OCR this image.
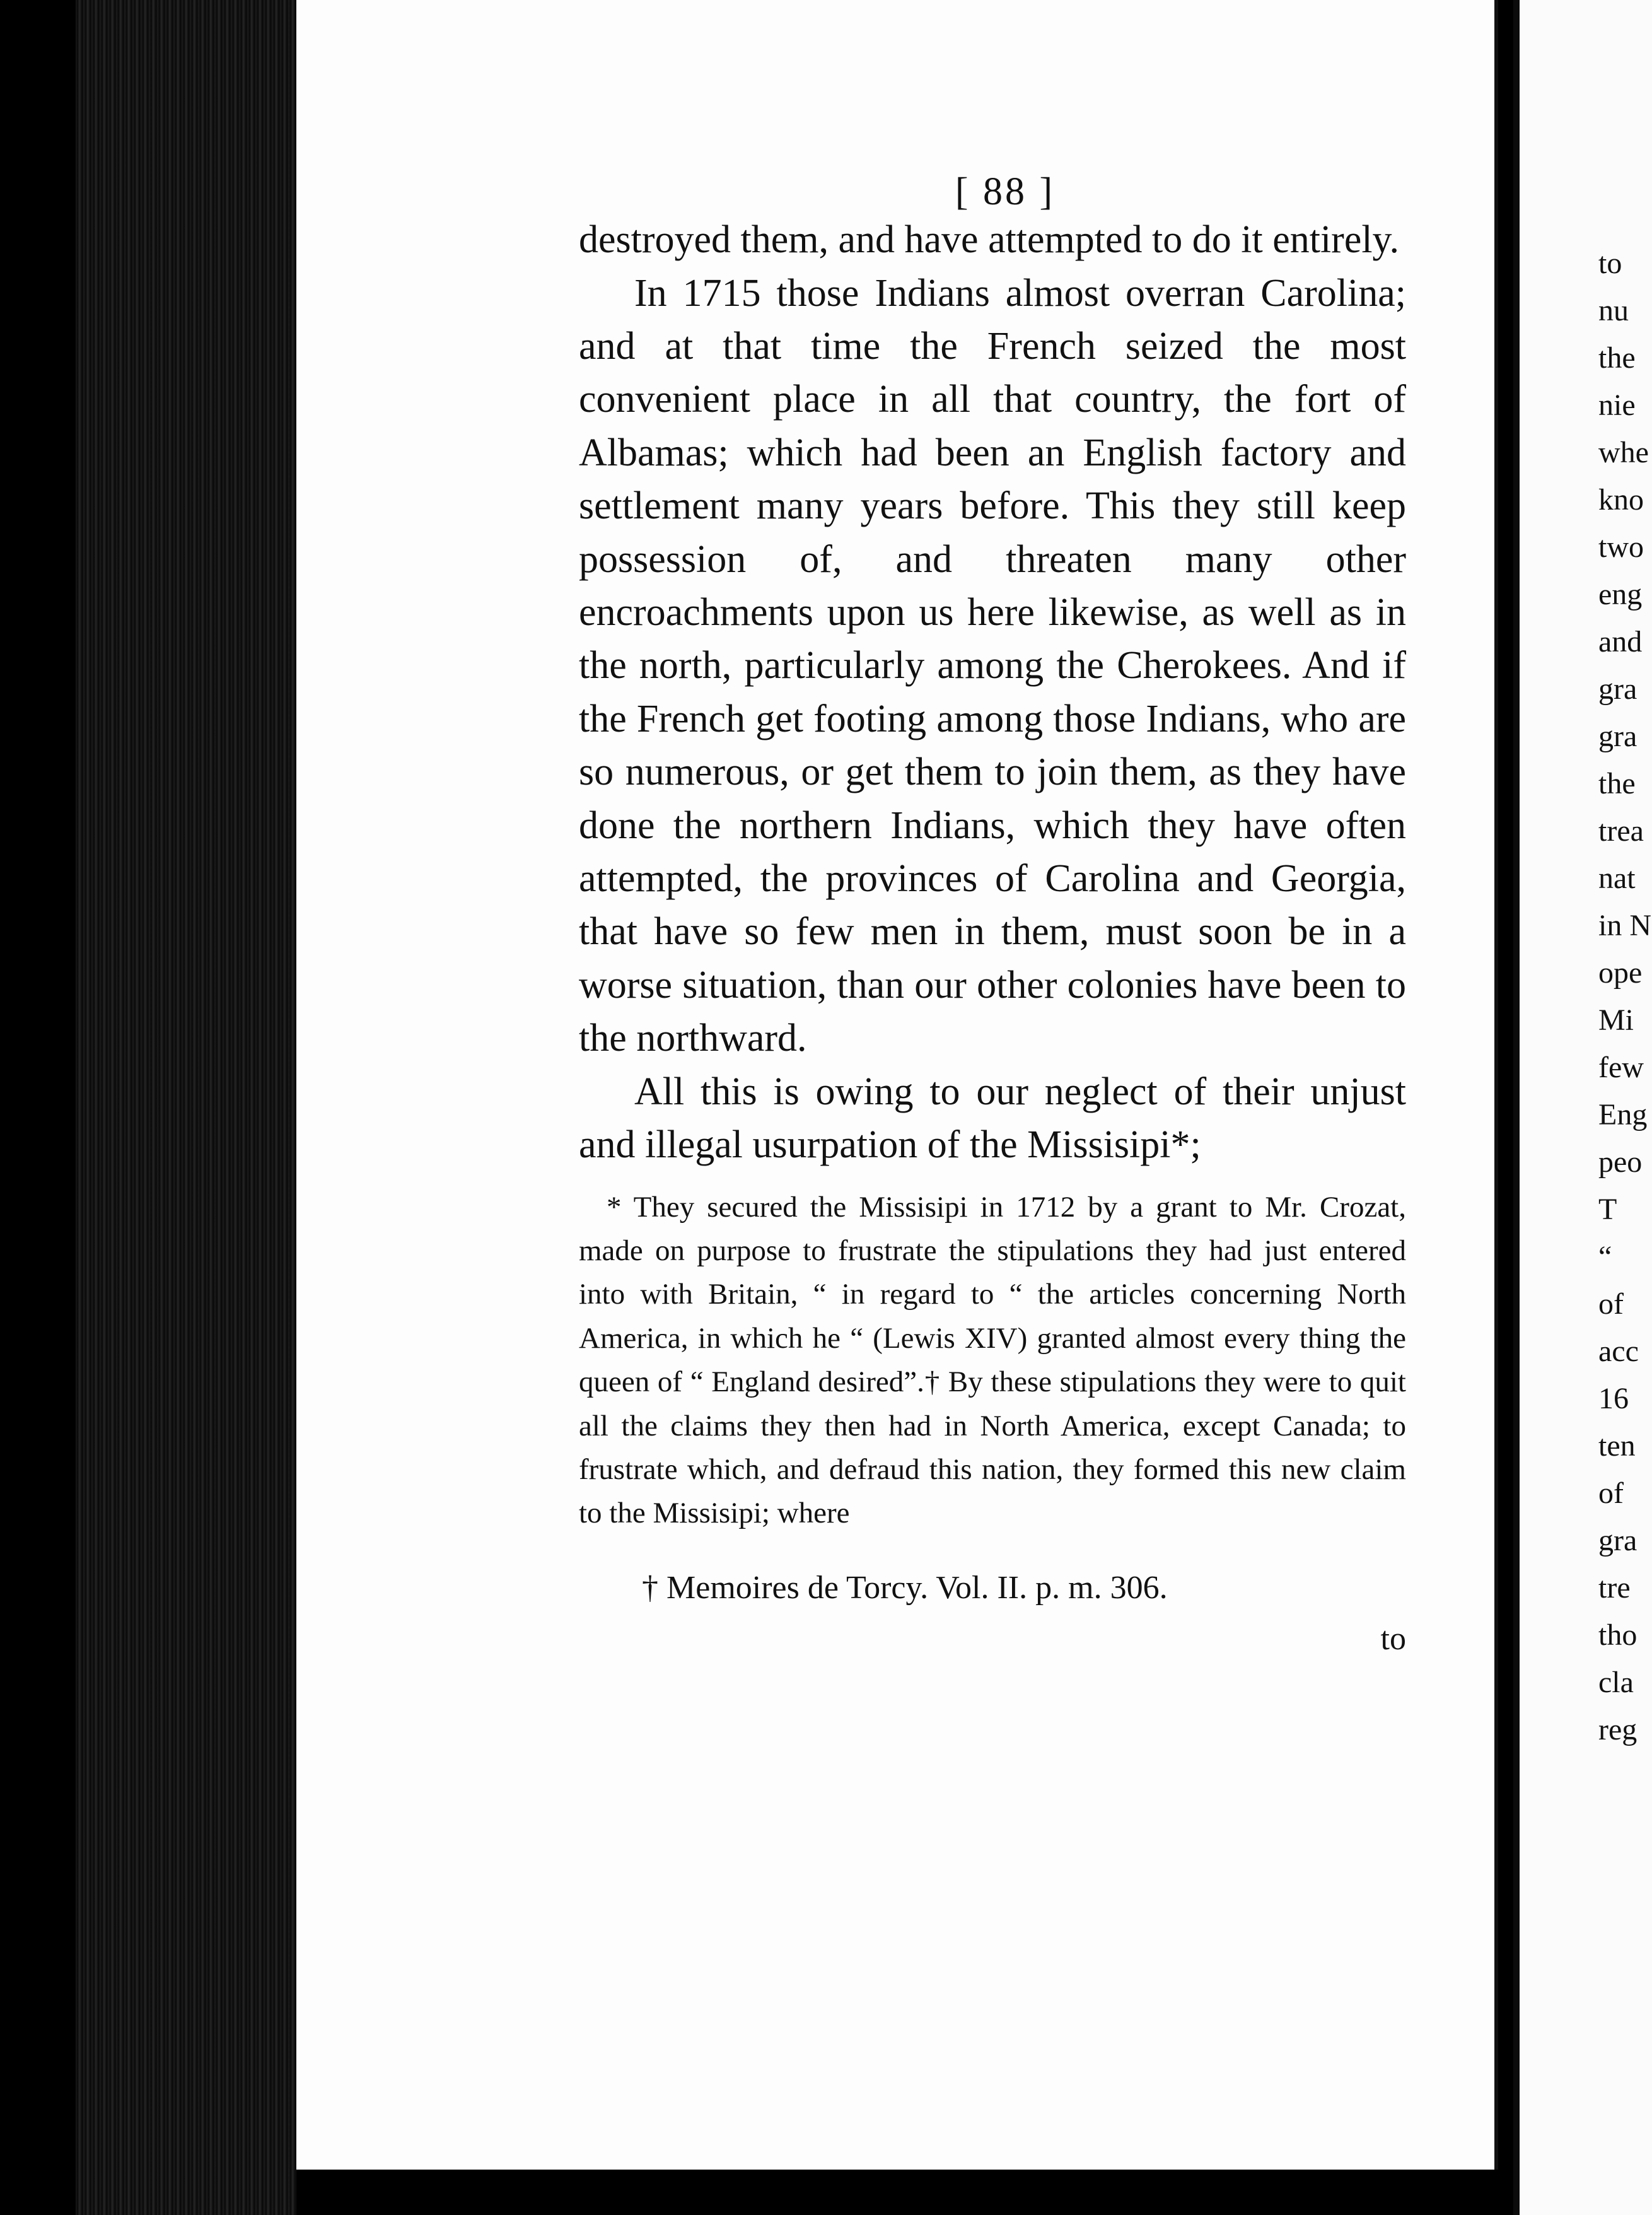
to
nu
the
nie
whe
kno
two
eng
and
gra
gra
the
trea
nat
in N
ope
Mi
few
Eng
peo
T
“
of
acc
16
ten
of
gra
tre
tho
cla
reg
[ 88 ]

destroyed them, and have attempted to do it entirely.

In 1715 those Indians almost overran Carolina; and at that time the French seized the most convenient place in all that country, the fort of Albamas; which had been an English factory and settlement many years before. This they still keep possession of, and threaten many other encroachments upon us here likewise, as well as in the north, particularly among the Cherokees. And if the French get footing among those Indians, who are so numerous, or get them to join them, as they have done the northern Indians, which they have often attempted, the provinces of Carolina and Georgia, that have so few men in them, must soon be in a worse situation, than our other colonies have been to the northward.

All this is owing to our neglect of their unjust and illegal usurpation of the Missisipi*;

* They secured the Missisipi in 1712 by a grant to Mr. Crozat, made on purpose to frustrate the stipulations they had just entered into with Britain, “ in regard to “ the articles concerning North America, in which he “ (Lewis XIV) granted almost every thing the queen of “ England desired”.† By these stipulations they were to quit all the claims they then had in North America, except Canada; to frustrate which, and defraud this nation, they formed this new claim to the Missisipi; where

† Memoires de Torcy. Vol. II. p. m. 306.
to
